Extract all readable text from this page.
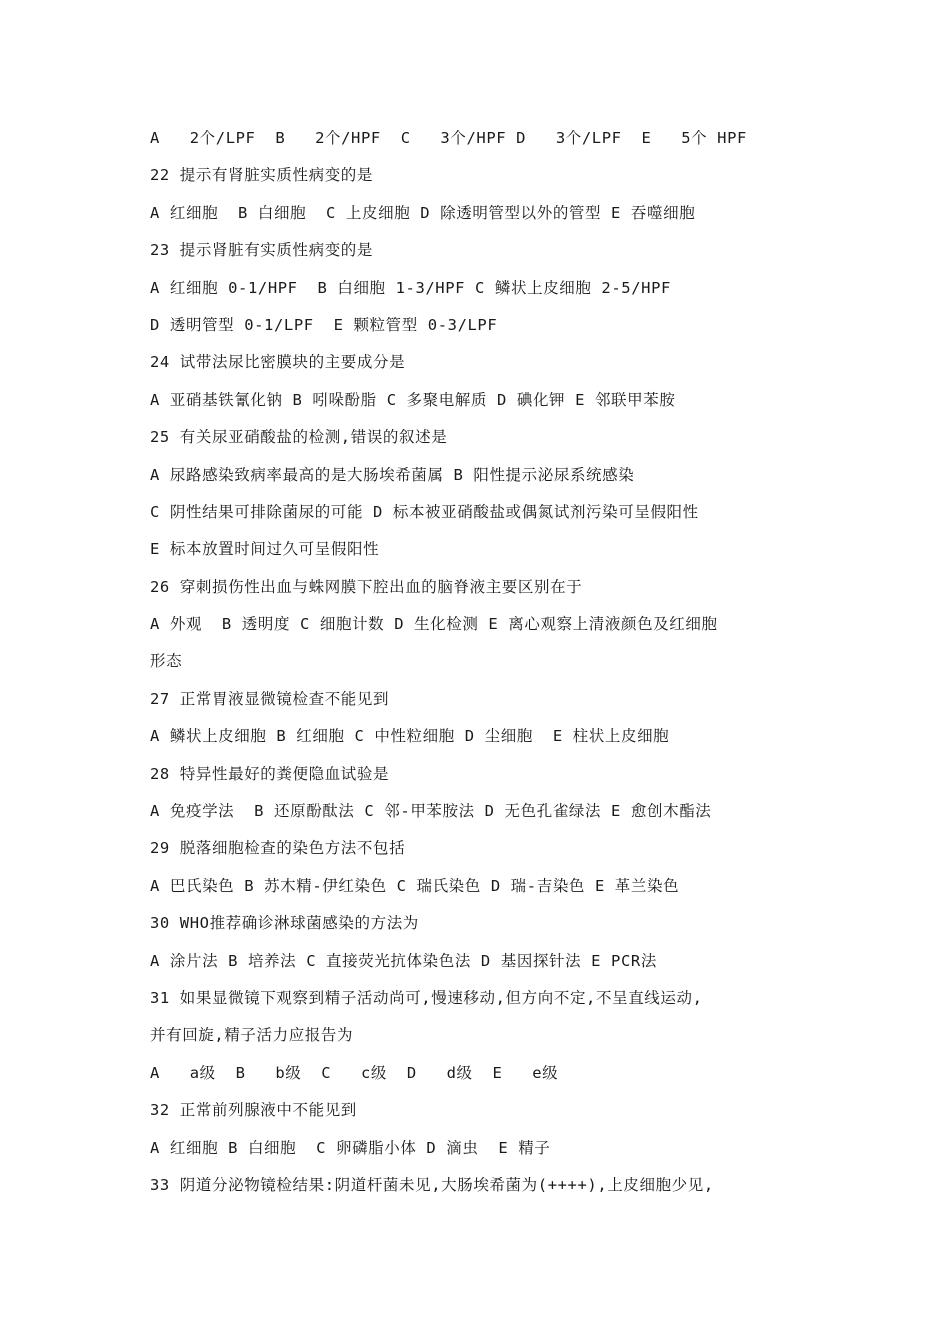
A   2个/LPF  B   2个/HPF  C   3个/HPF D   3个/LPF  E   5个 HPF
22 提示有肾脏实质性病变的是
A 红细胞  B 白细胞  C 上皮细胞 D 除透明管型以外的管型 E 吞噬细胞
23 提示肾脏有实质性病变的是
A 红细胞 0-1/HPF  B 白细胞 1-3/HPF C 鳞状上皮细胞 2-5/HPF
D 透明管型 0-1/LPF  E 颗粒管型 0-3/LPF
24 试带法尿比密膜块的主要成分是
A 亚硝基铁氰化钠 B 吲哚酚脂 C 多聚电解质 D 碘化钾 E 邻联甲苯胺
25 有关尿亚硝酸盐的检测,错误的叙述是
A 尿路感染致病率最高的是大肠埃希菌属 B 阳性提示泌尿系统感染
C 阴性结果可排除菌尿的可能 D 标本被亚硝酸盐或偶氮试剂污染可呈假阳性
E 标本放置时间过久可呈假阳性
26 穿刺损伤性出血与蛛网膜下腔出血的脑脊液主要区别在于
A 外观  B 透明度 C 细胞计数 D 生化检测 E 离心观察上清液颜色及红细胞
形态
27 正常胃液显微镜检查不能见到
A 鳞状上皮细胞 B 红细胞 C 中性粒细胞 D 尘细胞  E 柱状上皮细胞
28 特异性最好的粪便隐血试验是
A 免疫学法  B 还原酚酞法 C 邻-甲苯胺法 D 无色孔雀绿法 E 愈创木酯法
29 脱落细胞检查的染色方法不包括
A 巴氏染色 B 苏木精-伊红染色 C 瑞氏染色 D 瑞-吉染色 E 革兰染色
30 WHO推荐确诊淋球菌感染的方法为
A 涂片法 B 培养法 C 直接荧光抗体染色法 D 基因探针法 E PCR法
31 如果显微镜下观察到精子活动尚可,慢速移动,但方向不定,不呈直线运动,
并有回旋,精子活力应报告为
A   a级  B   b级  C   c级  D   d级  E   e级
32 正常前列腺液中不能见到
A 红细胞 B 白细胞  C 卵磷脂小体 D 滴虫  E 精子
33 阴道分泌物镜检结果:阴道杆菌未见,大肠埃希菌为(++++),上皮细胞少见,
